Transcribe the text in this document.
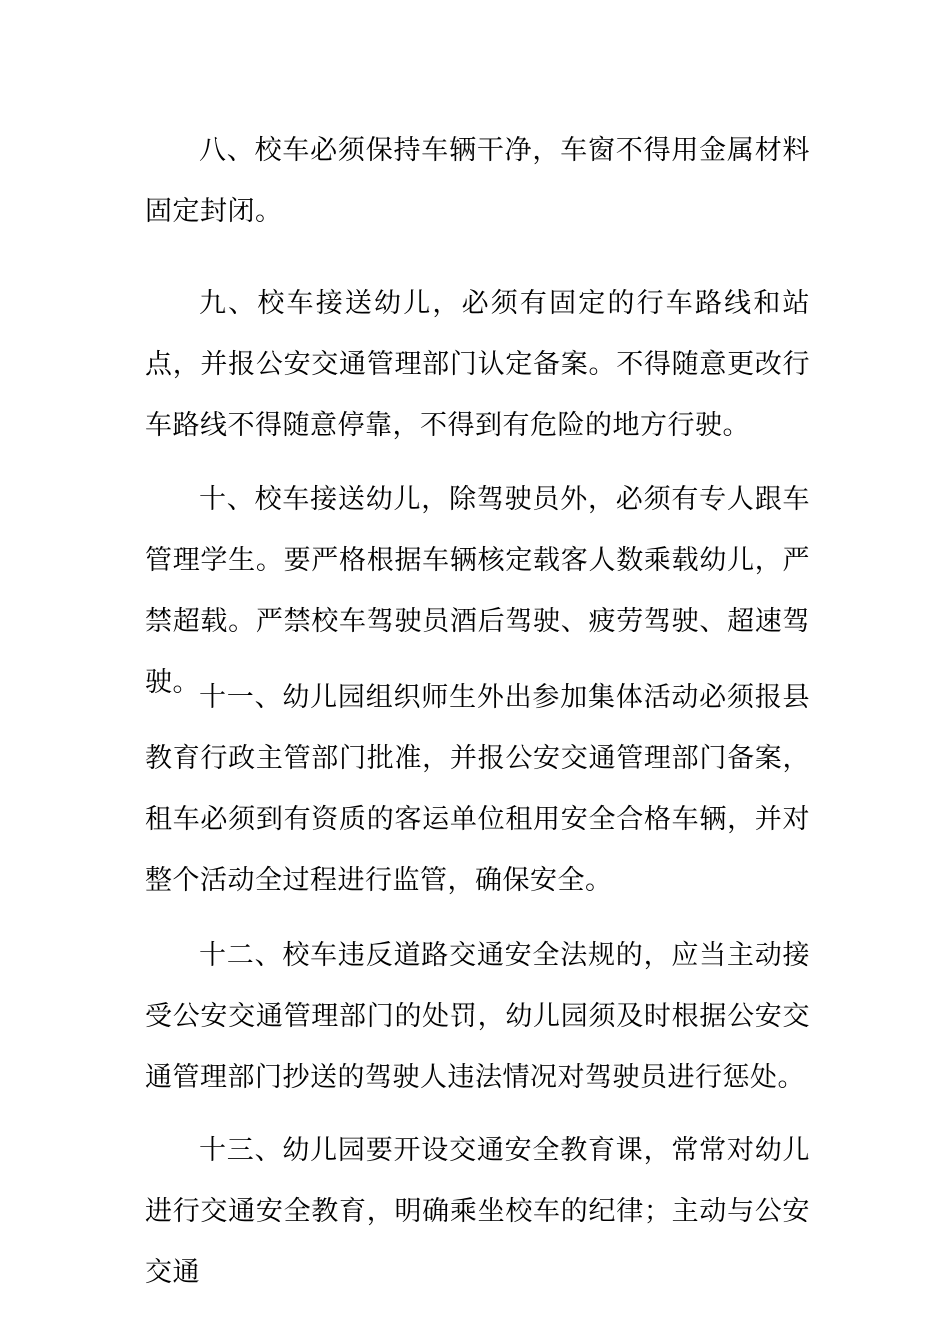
八、校车必须保持车辆干净，车窗不得用金属材料固定封闭。

九、校车接送幼儿，必须有固定的行车路线和站点，并报公安交通管理部门认定备案。不得随意更改行车路线不得随意停靠，不得到有危险的地方行驶。

十、校车接送幼儿，除驾驶员外，必须有专人跟车管理学生。要严格根据车辆核定载客人数乘载幼儿，严禁超载。严禁校车驾驶员酒后驾驶、疲劳驾驶、超速驾驶。 十一、幼儿园组织师生外出参加集体活动必须报县教育行政主管部门批准，并报公安交通管理部门备案，租车必须到有资质的客运单位租用安全合格车辆，并对整个活动全过程进行监管，确保安全。

十二、校车违反道路交通安全法规的，应当主动接受公安交通管理部门的处罚，幼儿园须及时根据公安交通管理部门抄送的驾驶人违法情况对驾驶员进行惩处。

十三、幼儿园要开设交通安全教育课，常常对幼儿进行交通安全教育，明确乘坐校车的纪律；主动与公安交通
